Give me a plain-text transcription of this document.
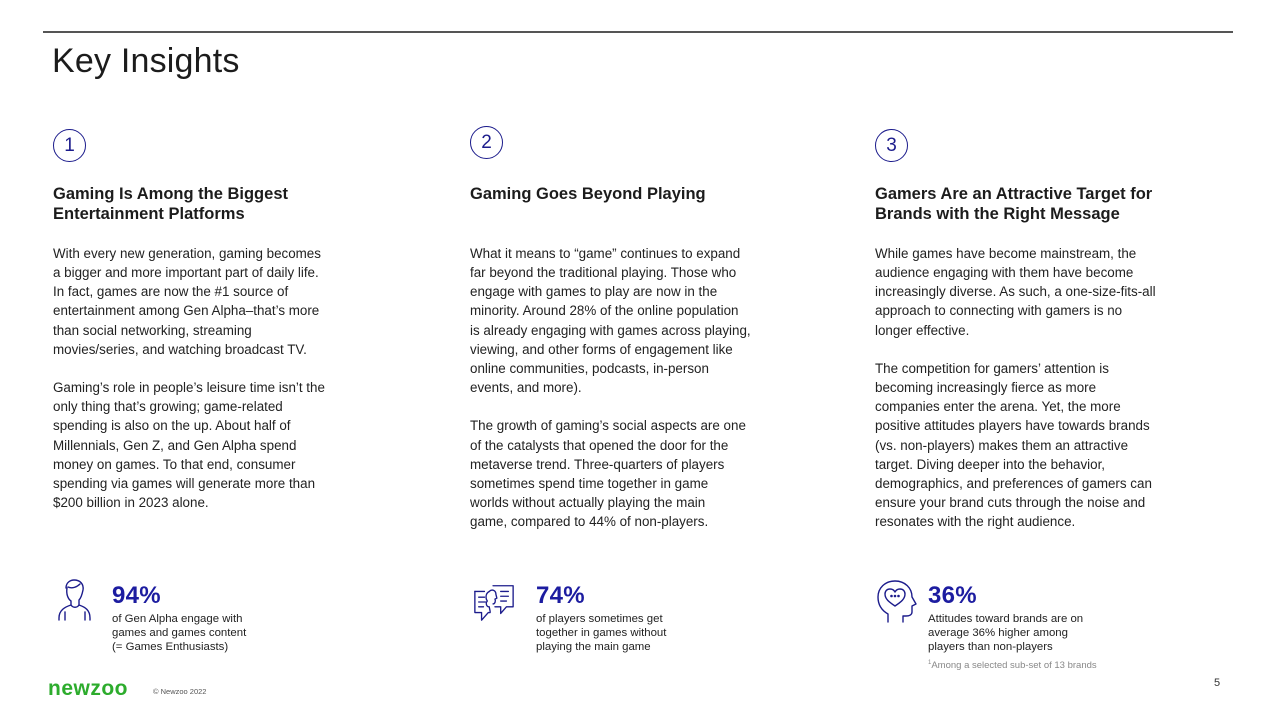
Key Insights
1
Gaming Is Among the Biggest
Entertainment Platforms

With every new generation, gaming becomes
a bigger and more important part of daily life.
In fact, games are now the #1 source of
entertainment among Gen Alpha–that’s more
than social networking, streaming
movies/series, and watching broadcast TV.

Gaming’s role in people’s leisure time isn’t the
only thing that’s growing; game-related
spending is also on the up. About half of
Millennials, Gen Z, and Gen Alpha spend
money on games. To that end, consumer
spending via games will generate more than
$200 billion in 2023 alone.

2
Gaming Goes Beyond Playing

What it means to “game” continues to expand
far beyond the traditional playing. Those who
engage with games to play are now in the
minority. Around 28% of the online population
is already engaging with games across playing,
viewing, and other forms of engagement like
online communities, podcasts, in-person
events, and more).

The growth of gaming’s social aspects are one
of the catalysts that opened the door for the
metaverse trend. Three-quarters of players
sometimes spend time together in game
worlds without actually playing the main
game, compared to 44% of non-players.

3
Gamers Are an Attractive Target for
Brands with the Right Message

While games have become mainstream, the
audience engaging with them have become
increasingly diverse. As such, a one-size-fits-all
approach to connecting with gamers is no
longer effective.

The competition for gamers’ attention is
becoming increasingly fierce as more
companies enter the arena. Yet, the more
positive attitudes players have towards brands
(vs. non-players) makes them an attractive
target. Diving deeper into the behavior,
demographics, and preferences of gamers can
ensure your brand cuts through the noise and
resonates with the right audience.

94%
of Gen Alpha engage with
games and games content
(= Games Enthusiasts)
74%
of players sometimes get
together in games without
playing the main game
36%
Attitudes toward brands are on
average 36% higher among
players than non-players
$^1$Among a selected sub-set of 13 brands
newzoo	© Newzoo 2022
5
